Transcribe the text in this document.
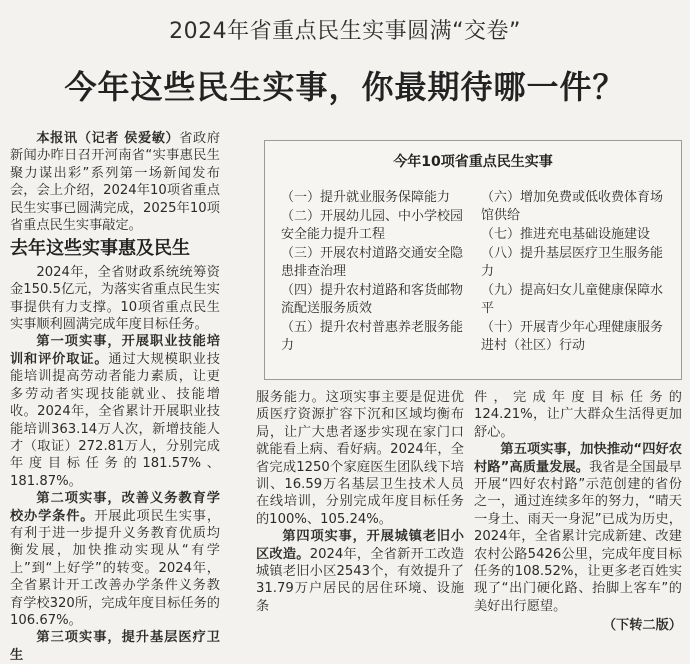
2024年省重点民生实事圆满“交卷”
今年这些民生实事，你最期待哪一件？

本报讯（记者 侯爱敏）省政府新闻办昨日召开河南省“实事惠民生 聚力谋出彩”系列第一场新闻发布会，会上介绍，2024年10项省重点民生实事已圆满完成，2025年10项省重点民生实事敲定。

去年这些实事惠及民生

2024年，全省财政系统统筹资金150.5亿元，为落实省重点民生实事提供有力支撑。10项省重点民生实事顺利圆满完成年度目标任务。

第一项实事，开展职业技能培训和评价取证。通过大规模职业技能培训提高劳动者能力素质，让更多劳动者实现技能就业、技能增收。2024年，全省累计开展职业技能培训363.14万人次，新增技能人才（取证）272.81万人，分别完成年度目标任务的181.57%、181.87%。

第二项实事，改善义务教育学校办学条件。开展此项民生实事，有利于进一步提升义务教育优质均衡发展，加快推动实现从“有学上”到“上好学”的转变。2024年，全省累计开工改善办学条件义务教育学校320所，完成年度目标任务的106.67%。

第三项实事，提升基层医疗卫生

今年10项省重点民生实事
（一）提升就业服务保障能力
（二）开展幼儿园、中小学校园安全能力提升工程
（三）开展农村道路交通安全隐患排查治理
（四）提升农村道路和客货邮物流配送服务质效
（五）提升农村普惠养老服务能力
（六）增加免费或低收费体育场馆供给
（七）推进充电基础设施建设
（八）提升基层医疗卫生服务能力
（九）提高妇女儿童健康保障水平
（十）开展青少年心理健康服务进村（社区）行动

服务能力。这项实事主要是促进优质医疗资源扩容下沉和区域均衡布局，让广大患者逐步实现在家门口就能看上病、看好病。2024年，全省完成1250个家庭医生团队线下培训、16.59万名基层卫生技术人员在线培训，分别完成年度目标任务的100%、105.24%。

第四项实事，开展城镇老旧小区改造。2024年，全省新开工改造城镇老旧小区2543个，有效提升了31.79万户居民的居住环境、设施条

件，完成年度目标任务的124.21%，让广大群众生活得更加舒心。

第五项实事，加快推动“四好农村路”高质量发展。我省是全国最早开展“四好农村路”示范创建的省份之一，通过连续多年的努力，“晴天一身土、雨天一身泥”已成为历史，2024年，全省累计完成新建、改建农村公路5426公里，完成年度目标任务的108.52%，让更多老百姓实现了“出门硬化路、抬脚上客车”的美好出行愿望。

（下转二版）
